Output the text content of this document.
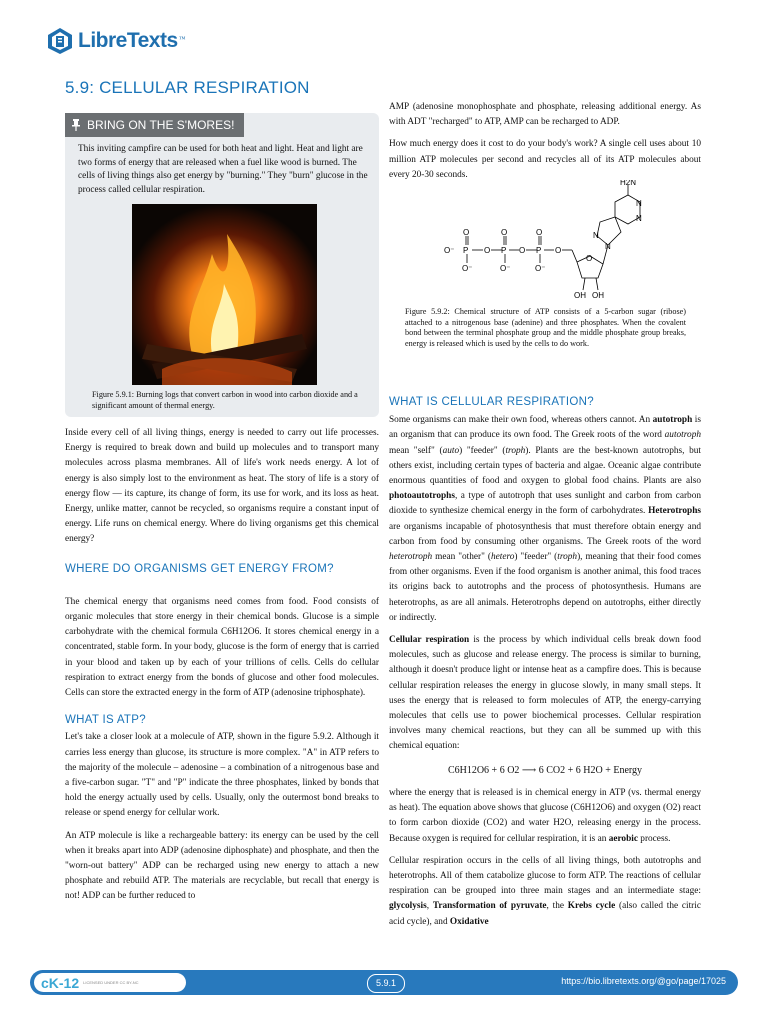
LibreTexts ™
5.9: CELLULAR RESPIRATION
BRING ON THE S'MORES!
This inviting campfire can be used for both heat and light. Heat and light are two forms of energy that are released when a fuel like wood is burned. The cells of living things also get energy by "burning." They "burn" glucose in the process called cellular respiration.
Figure 5.9.1: Burning logs that convert carbon in wood into carbon dioxide and a significant amount of thermal energy.

Inside every cell of all living things, energy is needed to carry out life processes. Energy is required to break down and build up molecules and to transport many molecules across plasma membranes. All of life's work needs energy. A lot of energy is also simply lost to the environment as heat. The story of life is a story of energy flow — its capture, its change of form, its use for work, and its loss as heat. Energy, unlike matter, cannot be recycled, so organisms require a constant input of energy. Life runs on chemical energy. Where do living organisms get this chemical energy?

WHERE DO ORGANISMS GET ENERGY FROM?

The chemical energy that organisms need comes from food. Food consists of organic molecules that store energy in their chemical bonds. Glucose is a simple carbohydrate with the chemical formula C6H12O6. It stores chemical energy in a concentrated, stable form. In your body, glucose is the form of energy that is carried in your blood and taken up by each of your trillions of cells. Cells do cellular respiration to extract energy from the bonds of glucose and other food molecules. Cells can store the extracted energy in the form of ATP (adenosine triphosphate).

WHAT IS ATP?

Let's take a closer look at a molecule of ATP, shown in the figure 5.9.2. Although it carries less energy than glucose, its structure is more complex. "A" in ATP refers to the majority of the molecule – adenosine – a combination of a nitrogenous base and a five-carbon sugar. "T" and "P" indicate the three phosphates, linked by bonds that hold the energy actually used by cells. Usually, only the outermost bond breaks to release or spend energy for cellular work.

An ATP molecule is like a rechargeable battery: its energy can be used by the cell when it breaks apart into ADP (adenosine diphosphate) and phosphate, and then the "worn-out battery" ADP can be recharged using new energy to attach a new phosphate and rebuild ATP. The materials are recyclable, but recall that energy is not! ADP can be further reduced to

AMP (adenosine monophosphate and phosphate, releasing additional energy. As with ADT "recharged" to ATP, AMP can be recharged to ADP.

How much energy does it cost to do your body's work? A single cell uses about 10 million ATP molecules per second and recycles all of its ATP molecules about every 20-30 seconds.

WHAT IS CELLULAR RESPIRATION?

Some organisms can make their own food, whereas others cannot. An autotroph is an organism that can produce its own food. The Greek roots of the word autotroph mean "self" (auto) "feeder" (troph). Plants are the best-known autotrophs, but others exist, including certain types of bacteria and algae. Oceanic algae contribute enormous quantities of food and oxygen to global food chains. Plants are also photoautotrophs, a type of autotroph that uses sunlight and carbon from carbon dioxide to synthesize chemical energy in the form of carbohydrates. Heterotrophs are organisms incapable of photosynthesis that must therefore obtain energy and carbon from food by consuming other organisms. The Greek roots of the word heterotroph mean "other" (hetero) "feeder" (troph), meaning that their food comes from other organisms. Even if the food organism is another animal, this food traces its origins back to autotrophs and the process of photosynthesis. Humans are heterotrophs, as are all animals. Heterotrophs depend on autotrophs, either directly or indirectly.

Cellular respiration is the process by which individual cells break down food molecules, such as glucose and release energy. The process is similar to burning, although it doesn't produce light or intense heat as a campfire does. This is because cellular respiration releases the energy in glucose slowly, in many small steps. It uses the energy that is released to form molecules of ATP, the energy-carrying molecules that cells use to power biochemical processes. Cellular respiration involves many chemical reactions, but they can all be summed up with this chemical equation:

C6H12O6 + 6 O2 ⟶ 6 CO2 + 6 H2O + Energy

where the energy that is released is in chemical energy in ATP (vs. thermal energy as heat). The equation above shows that glucose (C6H12O6) and oxygen (O2) react to form carbon dioxide (CO2) and water H2O, releasing energy in the process. Because oxygen is required for cellular respiration, it is an aerobic process.

Cellular respiration occurs in the cells of all living things, both autotrophs and heterotrophs. All of them catabolize glucose to form ATP. The reactions of cellular respiration can be grouped into three main stages and an intermediate stage: glycolysis, Transformation of pyruvate, the Krebs cycle (also called the citric acid cycle), and Oxidative

O⁻ P O P O P O
O	O	O
O⁻	O⁻	O⁻
O
N
N
N
N
H2N
OH OH
Figure 5.9.2: Chemical structure of ATP consists of a 5-carbon sugar (ribose) attached to a nitrogenous base (adenine) and three phosphates. When the covalent bond between the terminal phosphate group and the middle phosphate group breaks, energy is released which is used by the cells to do work.
cK-12 LICENSED UNDER CC BY-NC	5.9.1	https://bio.libretexts.org/@go/page/17025
